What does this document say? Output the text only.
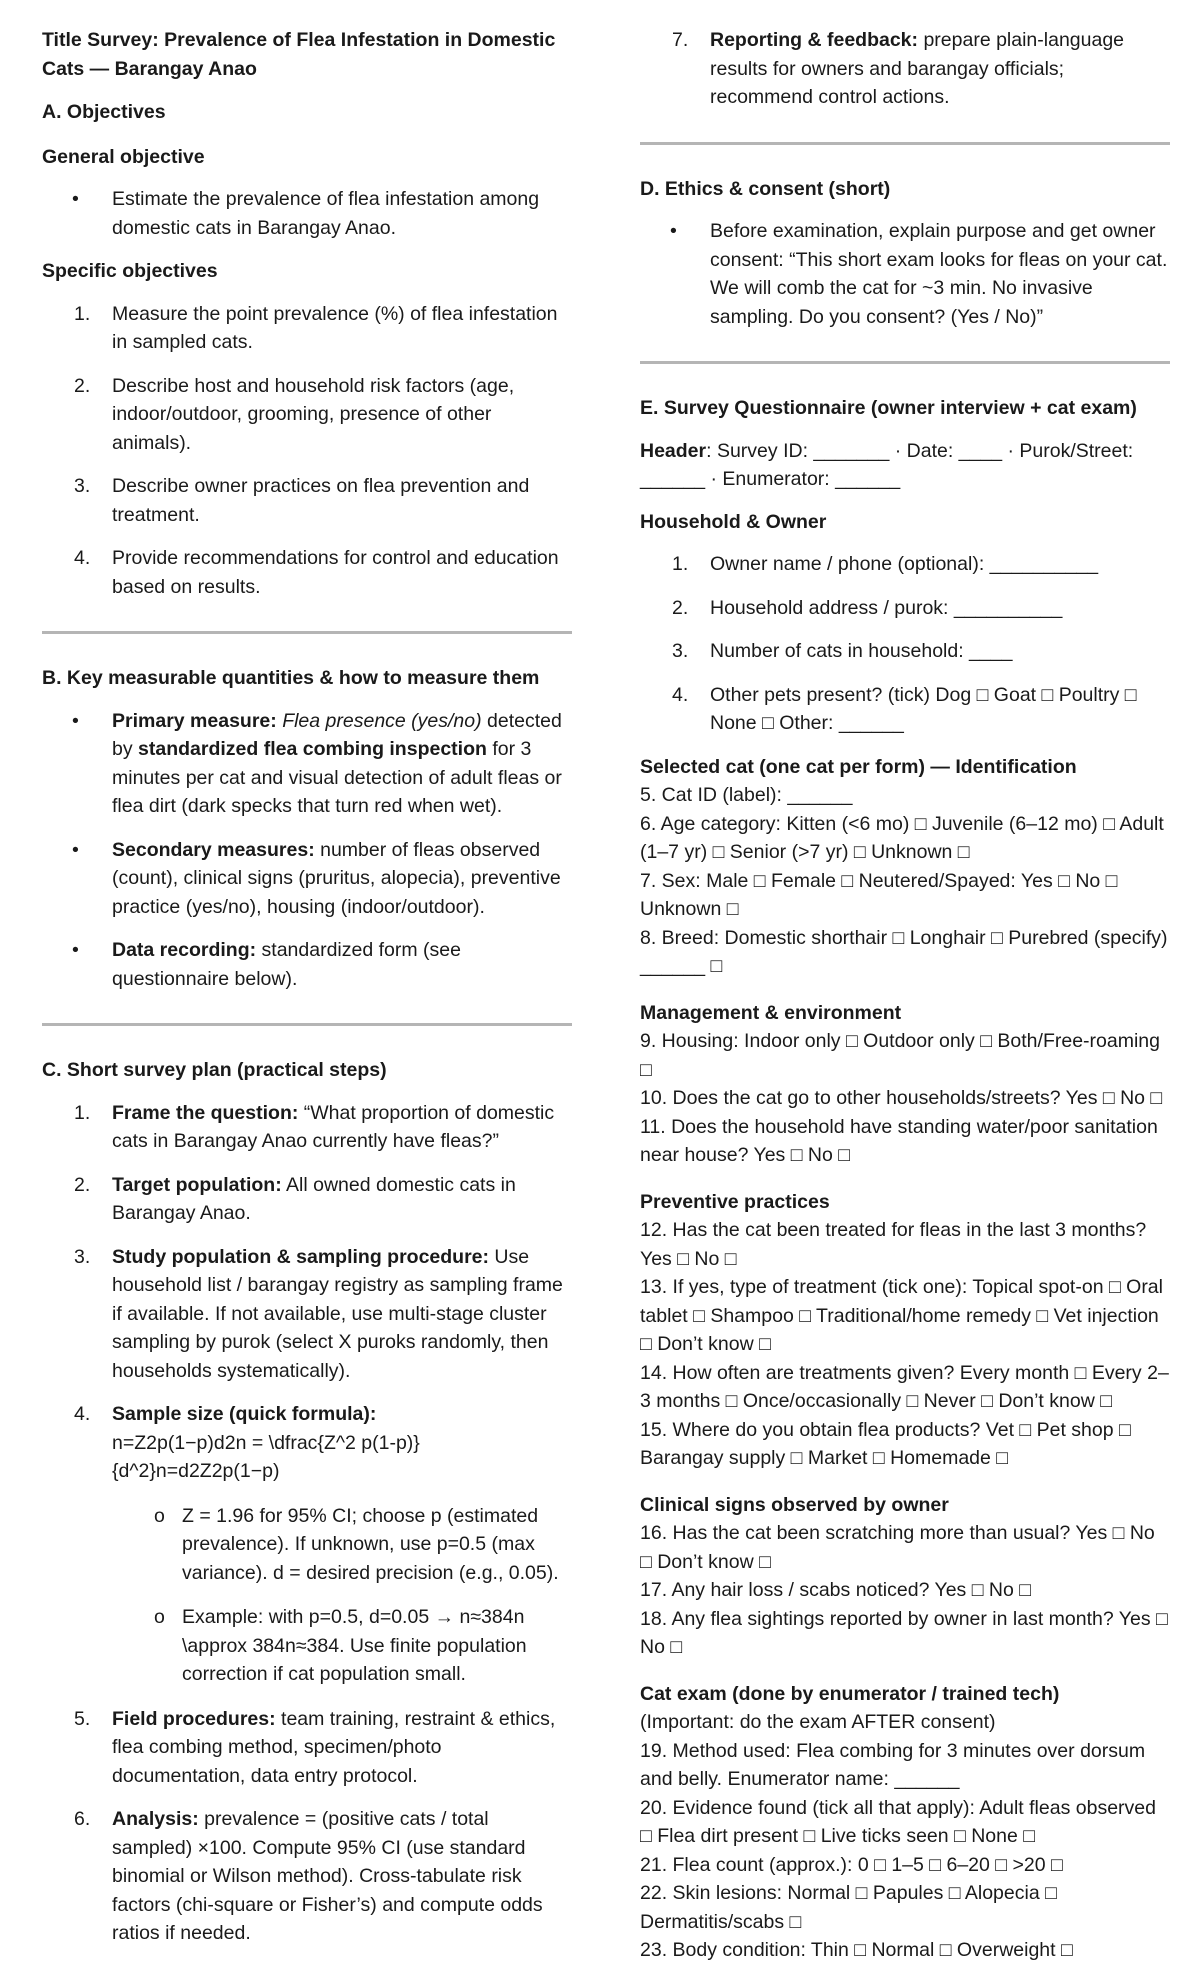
Title Survey: Prevalence of Flea Infestation in Domestic Cats — Barangay Anao

A. Objectives

General objective

• Estimate the prevalence of flea infestation among domestic cats in Barangay Anao.

Specific objectives

1. Measure the point prevalence (%) of flea infestation in sampled cats.
2. Describe host and household risk factors (age, indoor/outdoor, grooming, presence of other animals).
3. Describe owner practices on flea prevention and treatment.
4. Provide recommendations for control and education based on results.

B. Key measurable quantities & how to measure them

• Primary measure: Flea presence (yes/no) detected by standardized flea combing inspection for 3 minutes per cat and visual detection of adult fleas or flea dirt (dark specks that turn red when wet).
• Secondary measures: number of fleas observed (count), clinical signs (pruritus, alopecia), preventive practice (yes/no), housing (indoor/outdoor).
• Data recording: standardized form (see questionnaire below).

C. Short survey plan (practical steps)

1. Frame the question: “What proportion of domestic cats in Barangay Anao currently have fleas?”
2. Target population: All owned domestic cats in Barangay Anao.
3. Study population & sampling procedure: Use household list / barangay registry as sampling frame if available. If not available, use multi-stage cluster sampling by purok (select X puroks randomly, then households systematically).
4. Sample size (quick formula):
n=Z2p(1−p)d2n = \dfrac{Z^2 p(1-p)}{d^2}n=d2Z2p(1−p)
o Z = 1.96 for 95% CI; choose p (estimated prevalence). If unknown, use p=0.5 (max variance). d = desired precision (e.g., 0.05).
o Example: with p=0.5, d=0.05 → n≈384n \approx 384n≈384. Use finite population correction if cat population small.
5. Field procedures: team training, restraint & ethics, flea combing method, specimen/photo documentation, data entry protocol.
6. Analysis: prevalence = (positive cats / total sampled) ×100. Compute 95% CI (use standard binomial or Wilson method). Cross-tabulate risk factors (chi-square or Fisher’s) and compute odds ratios if needed.
7. Reporting & feedback: prepare plain-language results for owners and barangay officials; recommend control actions.

D. Ethics & consent (short)

• Before examination, explain purpose and get owner consent: “This short exam looks for fleas on your cat. We will comb the cat for ~3 min. No invasive sampling. Do you consent? (Yes / No)”

E. Survey Questionnaire (owner interview + cat exam)

Header: Survey ID: _______ · Date: ____ · Purok/Street: ______ · Enumerator: ______

Household & Owner

1. Owner name / phone (optional): __________
2. Household address / purok: __________
3. Number of cats in household: ____
4. Other pets present? (tick) Dog □ Goat □ Poultry □ None □ Other: ______

Selected cat (one cat per form) — Identification

5. Cat ID (label): ______

6. Age category: Kitten (<6 mo) □ Juvenile (6–12 mo) □ Adult (1–7 yr) □ Senior (>7 yr) □ Unknown □

7. Sex: Male □ Female □ Neutered/Spayed: Yes □ No □ Unknown □

8. Breed: Domestic shorthair □ Longhair □ Purebred (specify) ______ □

Management & environment

9. Housing: Indoor only □ Outdoor only □ Both/Free-roaming □

10. Does the cat go to other households/streets? Yes □ No □

11. Does the household have standing water/poor sanitation near house? Yes □ No □

Preventive practices

12. Has the cat been treated for fleas in the last 3 months? Yes □ No □

13. If yes, type of treatment (tick one): Topical spot-on □ Oral tablet □ Shampoo □ Traditional/home remedy □ Vet injection □ Don’t know □

14. How often are treatments given? Every month □ Every 2–3 months □ Once/occasionally □ Never □ Don’t know □

15. Where do you obtain flea products? Vet □ Pet shop □ Barangay supply □ Market □ Homemade □

Clinical signs observed by owner

16. Has the cat been scratching more than usual? Yes □ No □ Don’t know □

17. Any hair loss / scabs noticed? Yes □ No □

18. Any flea sightings reported by owner in last month? Yes □ No □

Cat exam (done by enumerator / trained tech)

(Important: do the exam AFTER consent)

19. Method used: Flea combing for 3 minutes over dorsum and belly. Enumerator name: ______

20. Evidence found (tick all that apply): Adult fleas observed □ Flea dirt present □ Live ticks seen □ None □

21. Flea count (approx.): 0 □ 1–5 □ 6–20 □ >20 □

22. Skin lesions: Normal □ Papules □ Alopecia □ Dermatitis/scabs □

23. Body condition: Thin □ Normal □ Overweight □
